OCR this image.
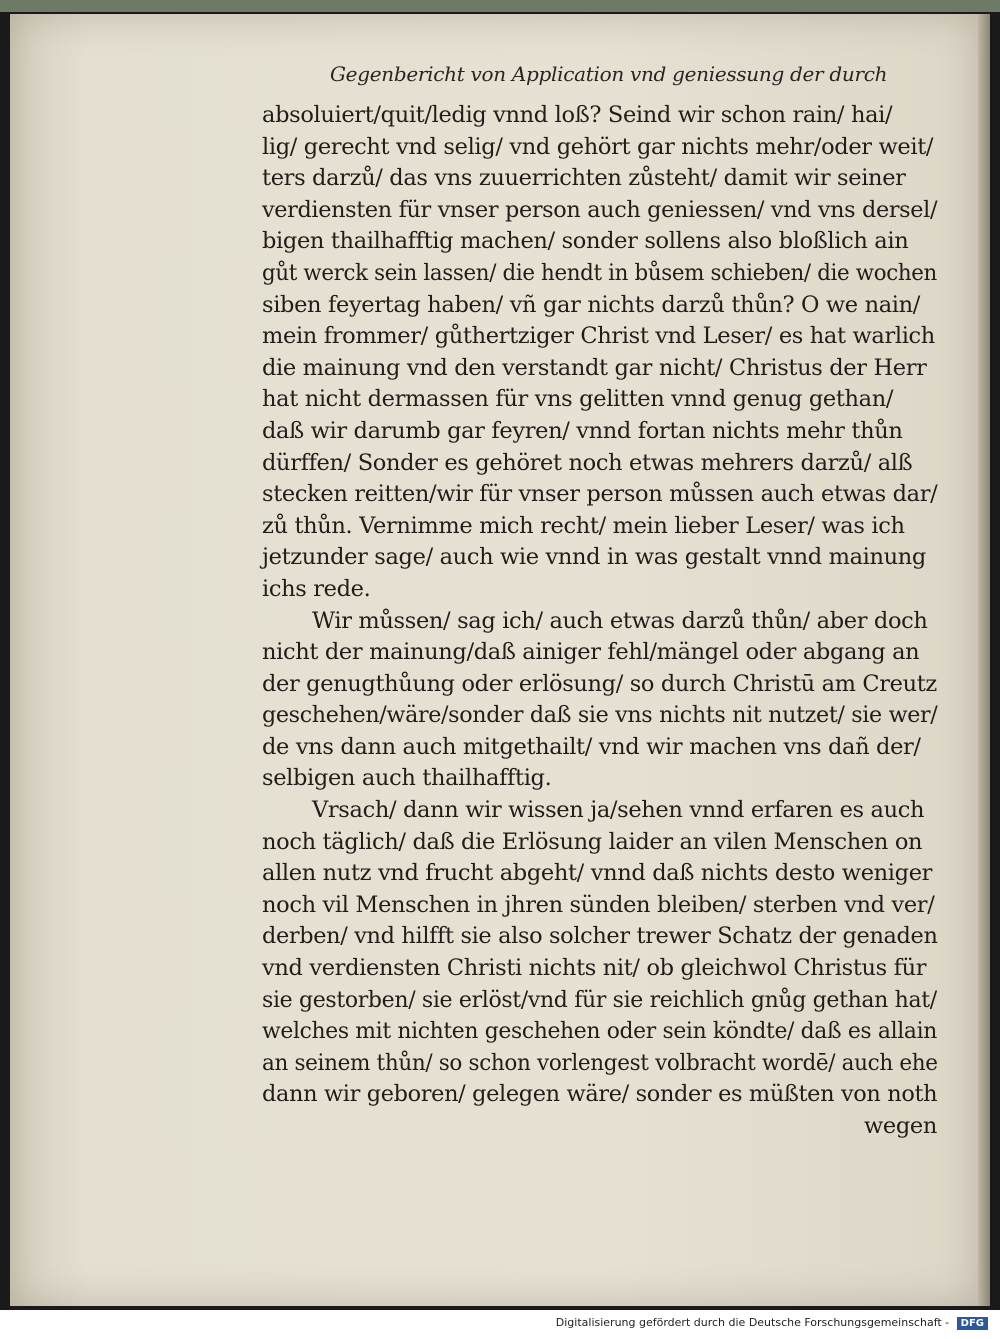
Gegenbericht von Application vnd geniessung der durch
absoluiert/quit/ledig vnnd loß? Seind wir schon rain/ hai/
lig/ gerecht vnd selig/ vnd gehört gar nichts mehr/oder weit/
ters darzů/ das vns zuuerrichten zůsteht/ damit wir seiner
verdiensten für vnser person auch geniessen/ vnd vns dersel/
bigen thailhafftig machen/ sonder sollens also bloßlich ain
gůt werck sein lassen/ die hendt in bůsem schieben/ die wochen
siben feyertag haben/ vñ gar nichts darzů thůn? O we nain/
mein frommer/ gůthertziger Christ vnd Leser/ es hat warlich
die mainung vnd den verstandt gar nicht/ Christus der Herr
hat nicht dermassen für vns gelitten vnnd genug gethan/
daß wir darumb gar feyren/ vnnd fortan nichts mehr thůn
dürffen/ Sonder es gehöret noch etwas mehrers darzů/ alß
stecken reitten/wir für vnser person můssen auch etwas dar/
zů thůn. Vernimme mich recht/ mein lieber Leser/ was ich
jetzunder sage/ auch wie vnnd in was gestalt vnnd mainung
ichs rede.
Wir můssen/ sag ich/ auch etwas darzů thůn/ aber doch
nicht der mainung/daß ainiger fehl/mängel oder abgang an
der genugthůung oder erlösung/ so durch Christū am Creutz
geschehen/wäre/sonder daß sie vns nichts nit nutzet/ sie wer/
de vns dann auch mitgethailt/ vnd wir machen vns dañ der/
selbigen auch thailhafftig.
Vrsach/ dann wir wissen ja/sehen vnnd erfaren es auch
noch täglich/ daß die Erlösung laider an vilen Menschen on
allen nutz vnd frucht abgeht/ vnnd daß nichts desto weniger
noch vil Menschen in jhren sünden bleiben/ sterben vnd ver/
derben/ vnd hilfft sie also solcher trewer Schatz der genaden
vnd verdiensten Christi nichts nit/ ob gleichwol Christus für
sie gestorben/ sie erlöst/vnd für sie reichlich gnůg gethan hat/
welches mit nichten geschehen oder sein köndte/ daß es allain
an seinem thůn/ so schon vorlengest volbracht wordē/ auch ehe
dann wir geboren/ gelegen wäre/ sonder es müßten von noth
wegen
Digitalisierung gefördert durch die Deutsche Forschungsgemeinschaft - DFG
